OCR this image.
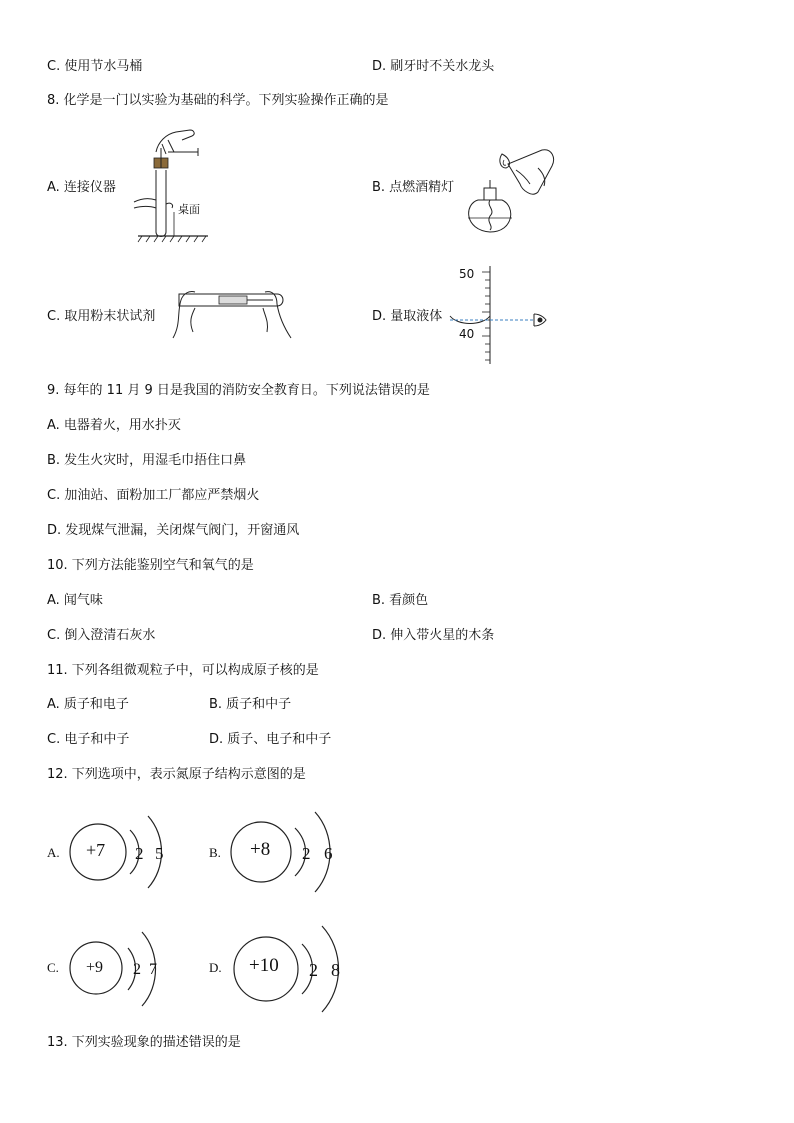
C. 使用节水马桶	D. 刷牙时不关水龙头
8. 化学是一门以实验为基础的科学。下列实验操作正确的是
A. 连接仪器
桌面
B. 点燃酒精灯
C. 取用粉末状试剂	D. 量取液体
50
40
9. 每年的 11 月 9 日是我国的消防安全教育日。下列说法错误的是
A. 电器着火，用水扑灭
B. 发生火灾时，用湿毛巾捂住口鼻
C. 加油站、面粉加工厂都应严禁烟火
D. 发现煤气泄漏，关闭煤气阀门，开窗通风
10. 下列方法能鉴别空气和氧气的是
A. 闻气味	B. 看颜色
C. 倒入澄清石灰水	D. 伸入带火星的木条
11. 下列各组微观粒子中，可以构成原子核的是
A. 质子和电子	B. 质子和中子
C. 电子和中子	D. 质子、电子和中子
12. 下列选项中，表示氮原子结构示意图的是
A. +7 2 5	B. +8 2 6
C. +9 2 7	D. +10 2 8
13. 下列实验现象的描述错误的是
